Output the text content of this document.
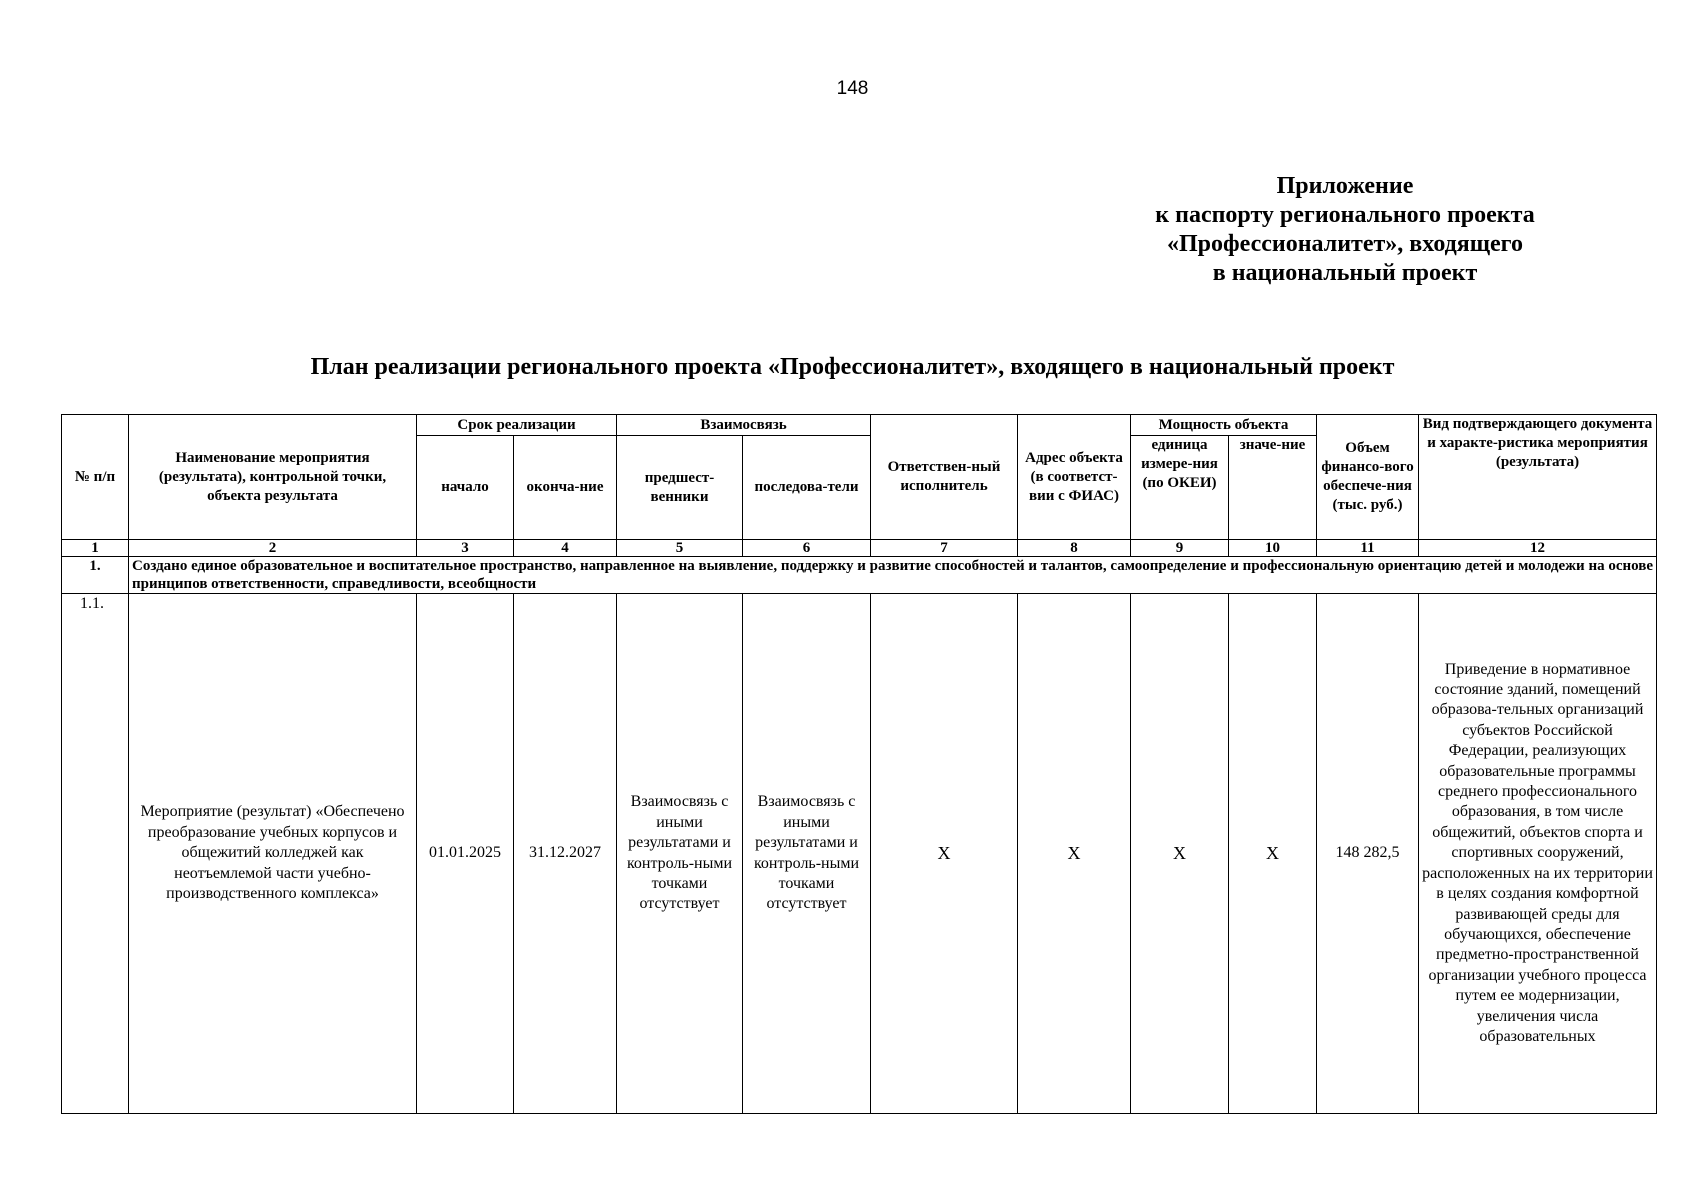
148
Приложение
к паспорту регионального проекта
«Профессионалитет», входящего
в национальный проект
План реализации регионального проекта «Профессионалитет», входящего в национальный проект
№ п/п	Наименование мероприятия (результата), контрольной точки, объекта результата	Срок реализации		Взаимосвязь		Ответствен-ный исполнитель	Адрес объекта (в соответст-вии с ФИАС)	Мощность объекта		Объем финансо-вого обеспече-ния (тыс. руб.)	Вид подтверждающего документа и характе-ристика мероприятия (результата)
		начало	оконча-ние	предшест-венники	последова-тели			единица измере-ния (по ОКЕИ)	значе-ние		
1	2	3	4	5	6	7	8	9	10	11	12
1.	Создано единое образовательное и воспитательное пространство, направленное на выявление, поддержку и развитие способностей и талантов, самоопределение и профессиональную ориентацию детей и молодежи на основе принципов ответственности, справедливости, всеобщности										
1.1.	Мероприятие (результат) «Обеспечено преобразование учебных корпусов и общежитий колледжей как неотъемлемой части учебно-производственного комплекса»	01.01.2025	31.12.2027	Взаимосвязь с иными результатами и контроль-ными точками отсутствует	Взаимосвязь с иными результатами и контроль-ными точками отсутствует	Х	Х	Х	Х	148 282,5	Приведение в нормативное состояние зданий, помещений образова-тельных организаций субъектов Российской Федерации, реализующих образовательные программы среднего профессионального образования, в том числе общежитий, объектов спорта и спортивных сооружений, расположенных на их территории в целях создания комфортной развивающей среды для обучающихся, обеспечение предметно-пространственной организации учебного процесса путем ее модернизации, увеличения числа образовательных
